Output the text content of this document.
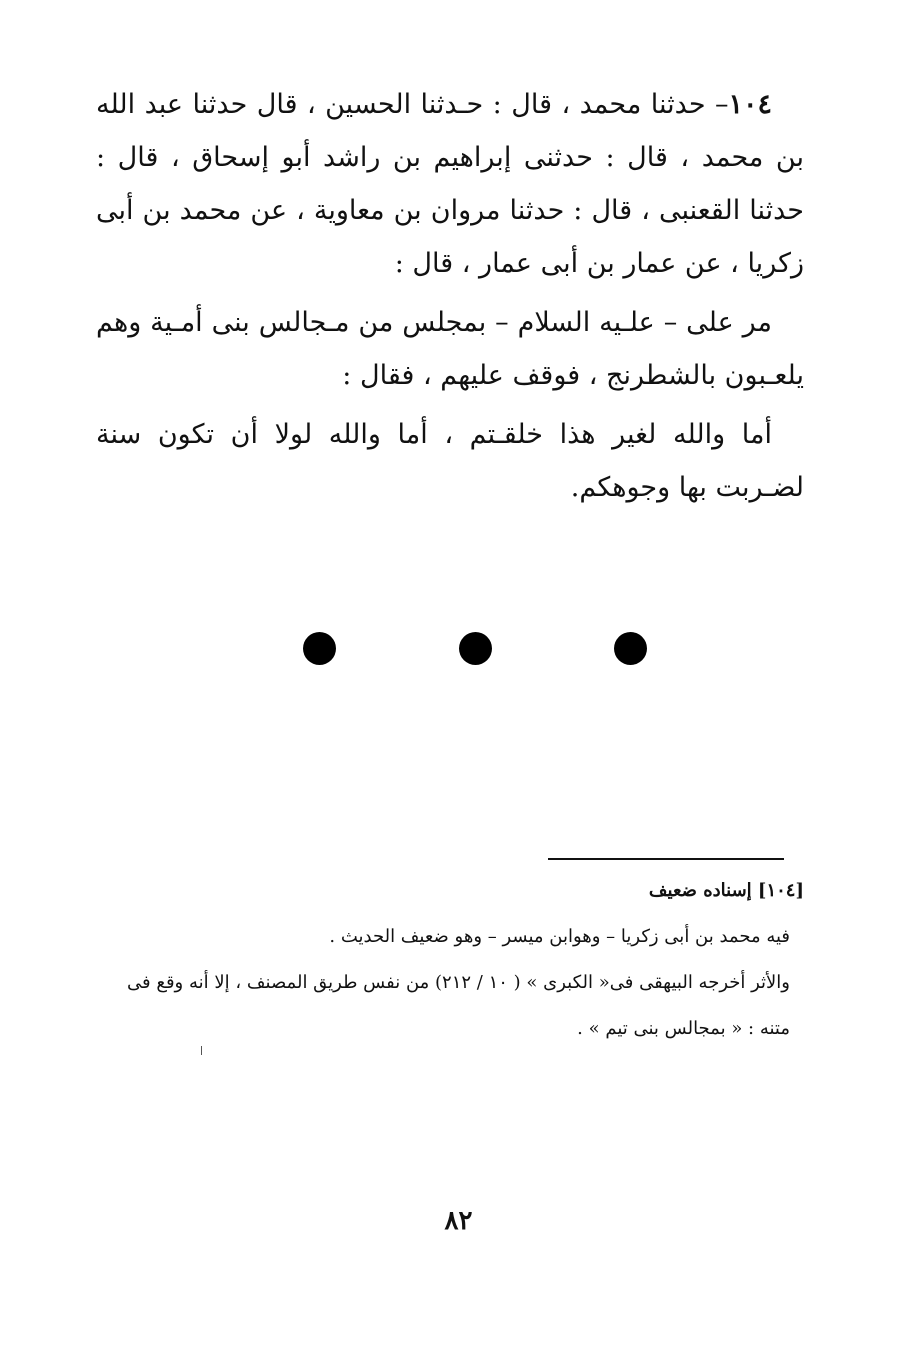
١٠٤– حدثنا محمد ، قال : حـدثنا الحسين ، قال حدثنا عبد الله بن محمد ، قال : حدثنى إبراهيم بن راشد أبو إسحاق ، قال : حدثنا القعنبى ، قال : حدثنا مروان بن معاوية ، عن محمد بن أبى زكريا ، عن عمار بن أبى عمار ، قال :

مر على – علـيه السلام – بمجلس من مـجالس بنى أمـية وهم يلعـبون بالشطرنج ، فوقف عليهم ، فقال :

أما والله لغير هذا خلقـتم ، أما والله لولا أن تكون سنة لضـربت بها وجوهكم.

[١٠٤] إسناده ضعيف

فيه محمد بن أبى زكريا – وهوابن ميسر – وهو ضعيف الحديث .

والأثر أخرجه البيهقى فى« الكبرى » ( ١٠ / ٢١٢) من نفس طريق المصنف ، إلا أنه وقع فى متنه : « بمجالس بنى تيم » .

٨٢
